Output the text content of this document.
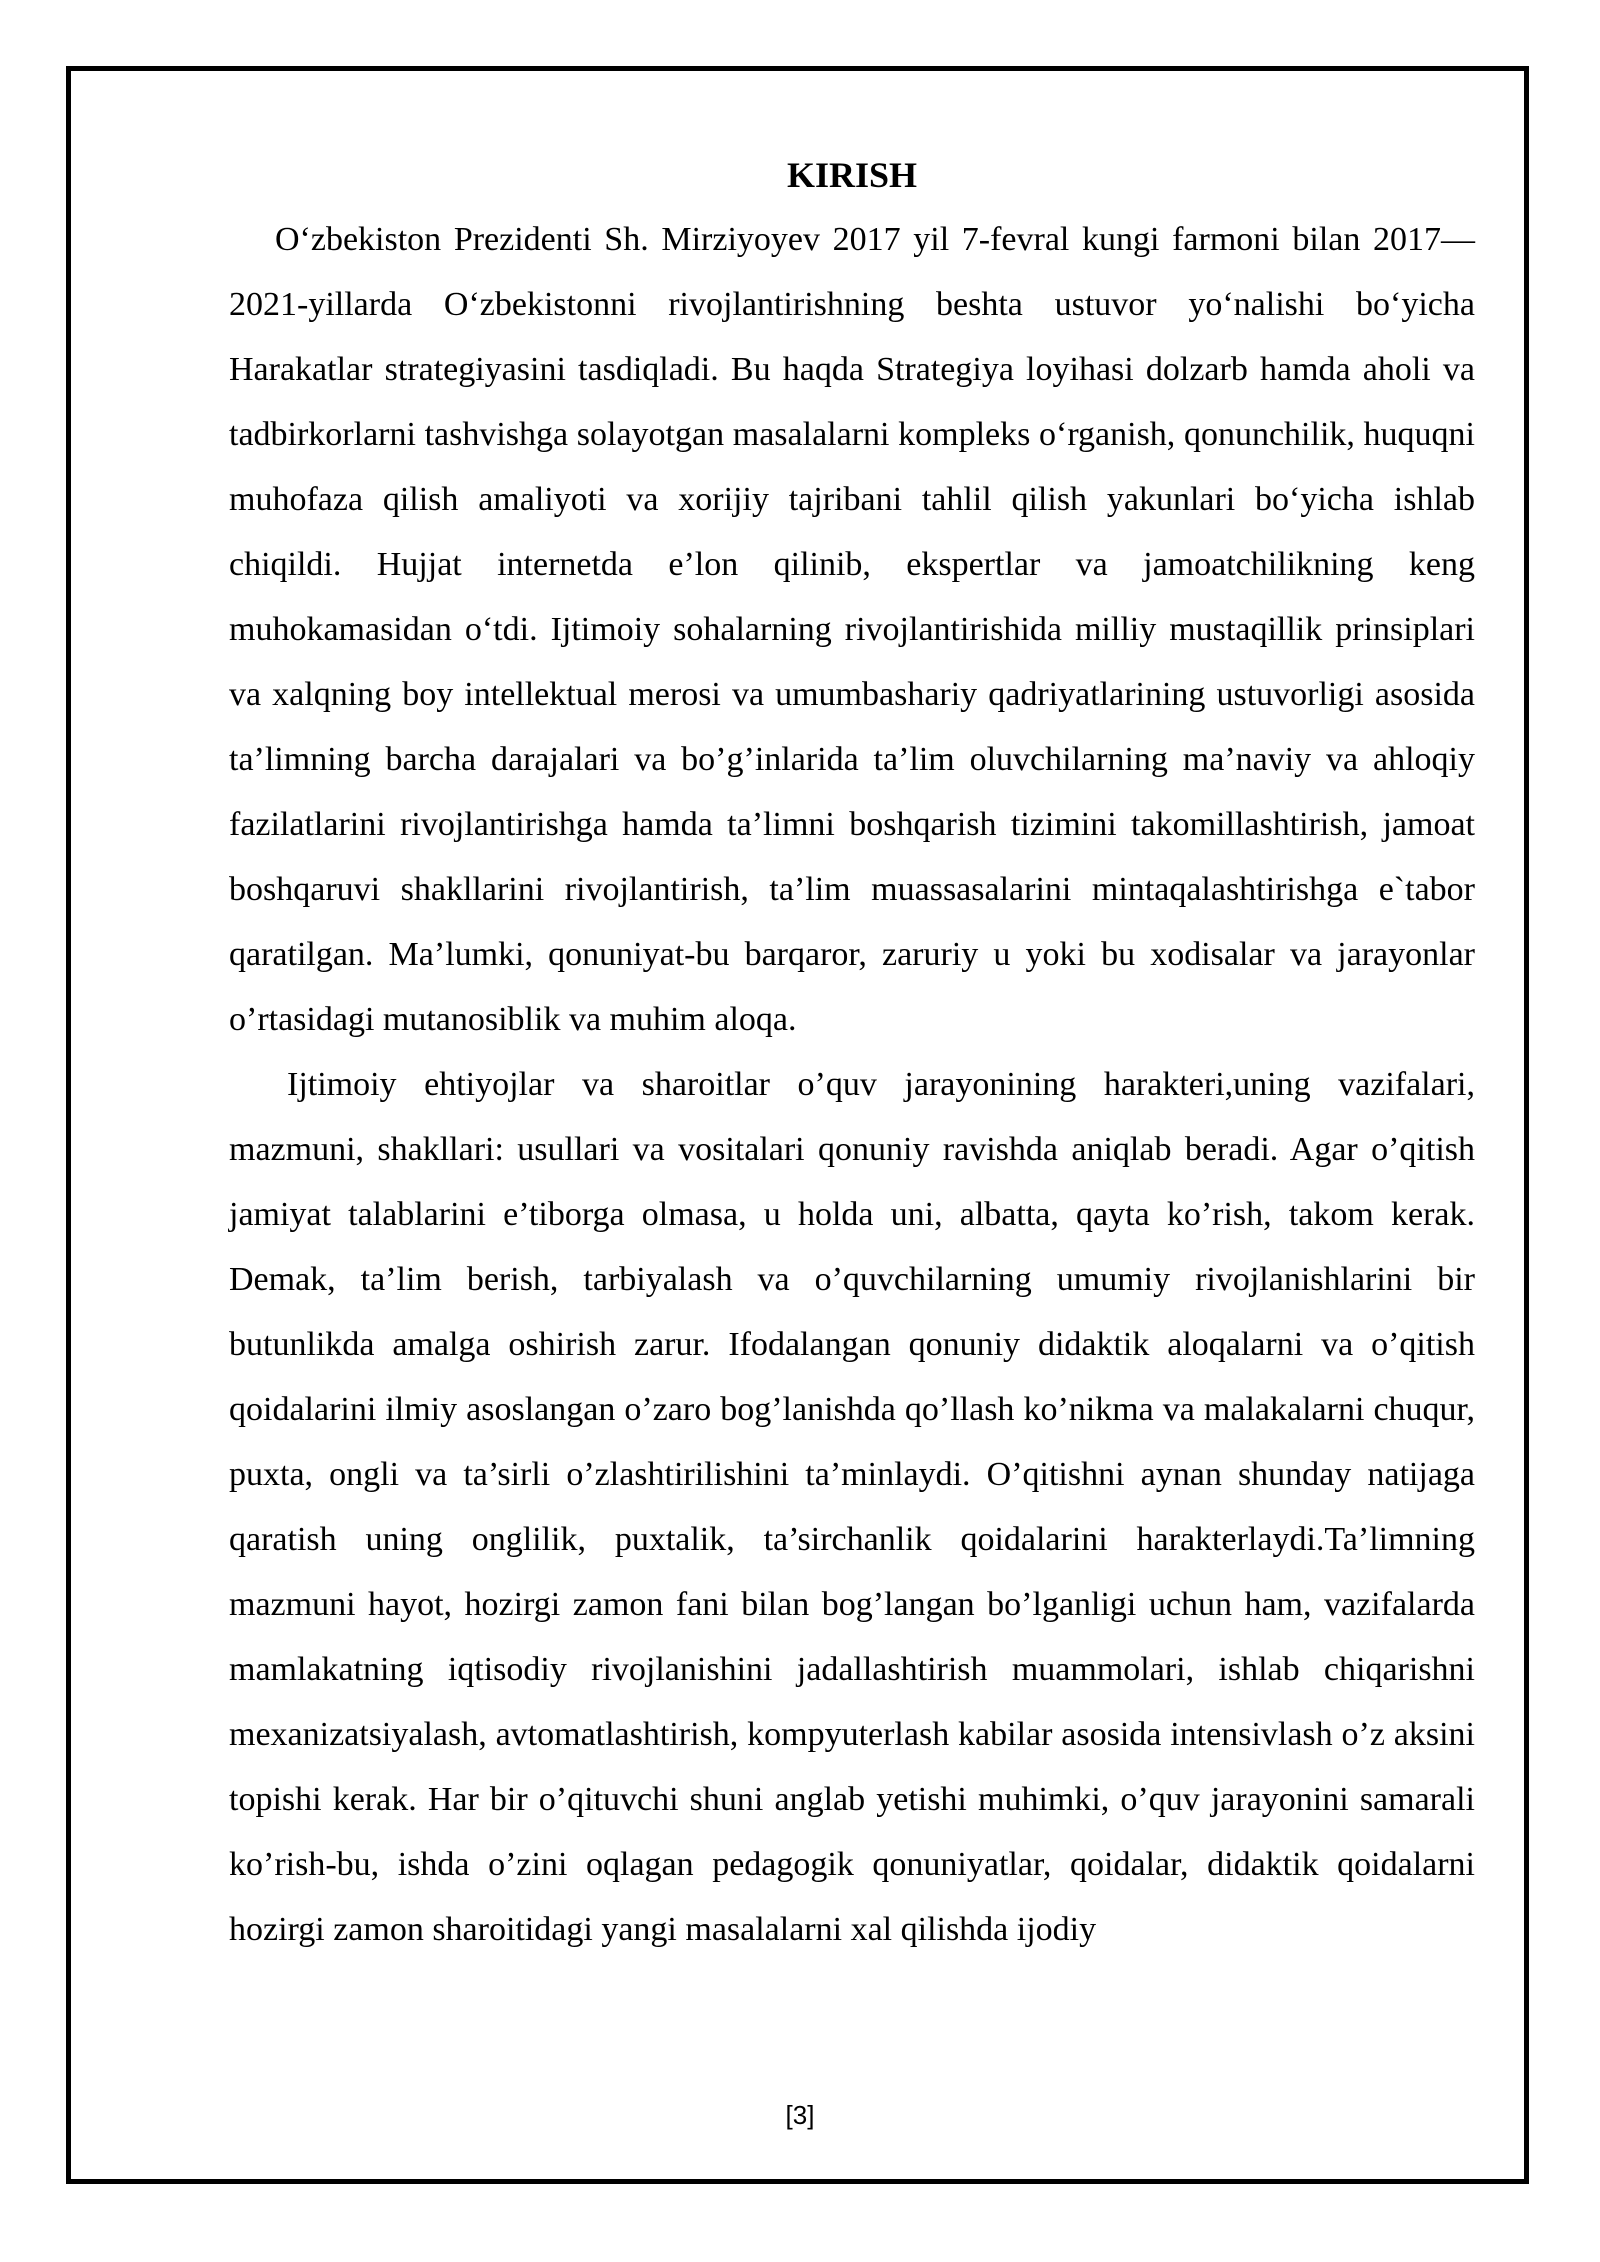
KIRISH

O‘zbekiston Prezidenti Sh. Mirziyoyev 2017 yil 7-fevral kungi farmoni bilan 2017—2021-yillarda O‘zbekistonni rivojlantirishning beshta ustuvor yo‘nalishi bo‘yicha Harakatlar strategiyasini tasdiqladi. Bu haqda Strategiya loyihasi dolzarb hamda aholi va tadbirkorlarni tashvishga solayotgan masalalarni kompleks o‘rganish, qonunchilik, huquqni muhofaza qilish amaliyoti va xorijiy tajribani tahlil qilish yakunlari bo‘yicha ishlab chiqildi. Hujjat internetda e’lon qilinib, ekspertlar va jamoatchilikning keng muhokamasidan o‘tdi. Ijtimoiy sohalarning rivojlantirishida milliy mustaqillik prinsiplari va xalqning boy intellektual merosi va umumbashariy qadriyatlarining ustuvorligi asosida ta’limning barcha darajalari va bo’g’inlarida ta’lim oluvchilarning ma’naviy va ahloqiy fazilatlarini rivojlantirishga hamda ta’limni boshqarish tizimini takomillashtirish, jamoat boshqaruvi shakllarini rivojlantirish, ta’lim muassasalarini mintaqalashtirishga e`tabor qaratilgan. Ma’lumki, qonuniyat-bu barqaror, zaruriy u yoki bu xodisalar va jarayonlar o’rtasidagi mutanosiblik va muhim aloqa.

Ijtimoiy ehtiyojlar va sharoitlar o’quv jarayonining harakteri,uning vazifalari, mazmuni, shakllari: usullari va vositalari qonuniy ravishda aniqlab beradi. Agar o’qitish jamiyat talablarini e’tiborga olmasa, u holda uni, albatta, qayta ko’rish, takom kerak. Demak, ta’lim berish, tarbiyalash va o’quvchilarning umumiy rivojlanishlarini bir butunlikda amalga oshirish zarur. Ifodalangan qonuniy didaktik aloqalarni va o’qitish qoidalarini ilmiy asoslangan o’zaro bog’lanishda qo’llash ko’nikma va malakalarni chuqur, puxta, ongli va ta’sirli o’zlashtirilishini ta’minlaydi. O’qitishni aynan shunday natijaga qaratish uning onglilik, puxtalik, ta’sirchanlik qoidalarini harakterlaydi.Ta’limning mazmuni hayot, hozirgi zamon fani bilan bog’langan bo’lganligi uchun ham, vazifalarda mamlakatning iqtisodiy rivojlanishini jadallashtirish muammolari, ishlab chiqarishni mexanizatsiyalash, avtomatlashtirish, kompyuterlash kabilar asosida intensivlash o’z aksini topishi kerak. Har bir o’qituvchi shuni anglab yetishi muhimki, o’quv jarayonini samarali ko’rish-bu, ishda o’zini oqlagan pedagogik qonuniyatlar, qoidalar, didaktik qoidalarni hozirgi zamon sharoitidagi yangi masalalarni xal qilishda ijodiy

[3]
